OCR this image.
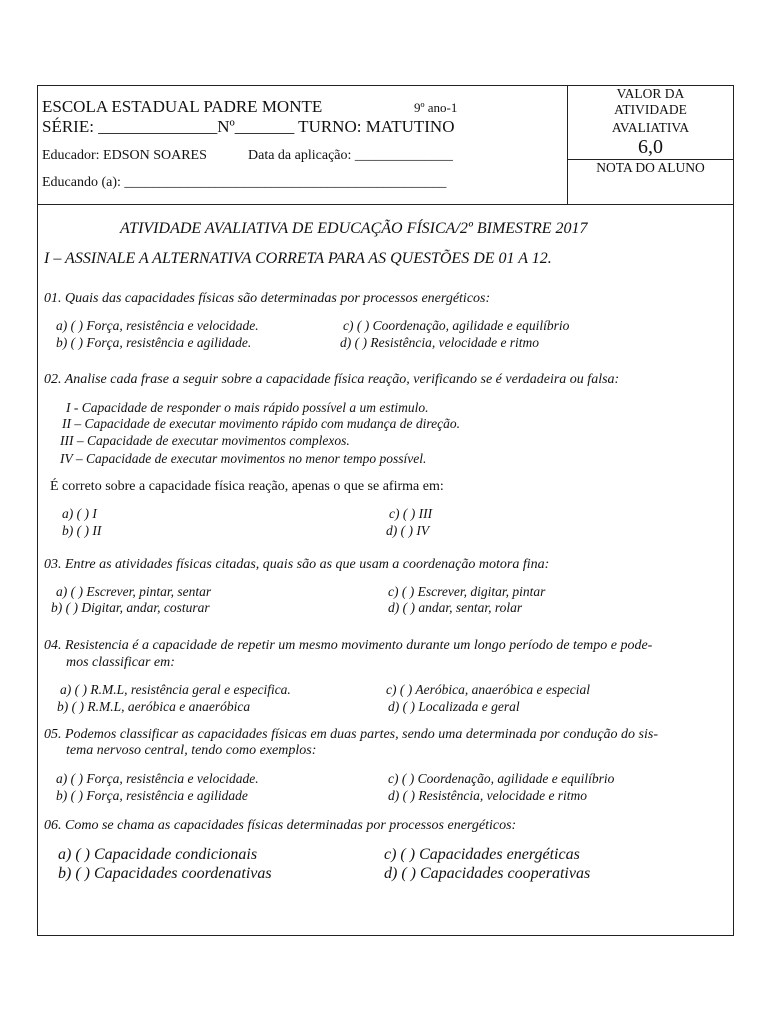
ESCOLA ESTADUAL PADRE MONTE	9º ano-1
SÉRIE: ______________Nº_______ TURNO: MATUTINO
Educador: EDSON SOARES	Data da aplicação: ______________
Educando (a): ______________________________________________
VALOR DA
ATIVIDADE
AVALIATIVA
6,0
NOTA DO ALUNO
ATIVIDADE AVALIATIVA DE EDUCAÇÃO FÍSICA/2º BIMESTRE 2017
I – ASSINALE A ALTERNATIVA CORRETA PARA AS QUESTÕES DE 01 A 12.
01. Quais das capacidades físicas são determinadas por processos energéticos:
a) ( ) Força, resistência e velocidade.	c) ( ) Coordenação, agilidade e equilíbrio
b) ( ) Força, resistência e agilidade.	d) ( ) Resistência, velocidade e ritmo
02. Analise cada frase a seguir sobre a capacidade física reação, verificando se é verdadeira ou falsa:
I - Capacidade de responder o mais rápido possível a um estimulo.
II – Capacidade de executar movimento rápido com mudança de direção.
III – Capacidade de executar movimentos complexos.
IV – Capacidade de executar movimentos no menor tempo possível.
É correto sobre a capacidade física reação, apenas o que se afirma em:
a) ( ) I	c) ( ) III
b) ( ) II	d) ( ) IV
03. Entre as atividades físicas citadas, quais são as que usam a coordenação motora fina:
a) ( ) Escrever, pintar, sentar	c) ( ) Escrever, digitar, pintar
b) ( ) Digitar, andar, costurar	d) ( ) andar, sentar, rolar
04. Resistencia é a capacidade de repetir um mesmo movimento durante um longo período de tempo e pode-
mos classificar em:
a) ( ) R.M.L, resistência geral e especifica.	c) ( ) Aeróbica, anaeróbica e especial
b) ( ) R.M.L, aeróbica e anaeróbica	d) ( ) Localizada e geral
05. Podemos classificar as capacidades físicas em duas partes, sendo uma determinada por condução do sis-
tema nervoso central, tendo como exemplos:
a) ( ) Força, resistência e velocidade.	c) ( ) Coordenação, agilidade e equilíbrio
b) ( ) Força, resistência e agilidade	d) ( ) Resistência, velocidade e ritmo
06. Como se chama as capacidades físicas determinadas por processos energéticos:
a) ( ) Capacidade condicionais	c) ( ) Capacidades energéticas
b) ( ) Capacidades coordenativas	d) ( ) Capacidades cooperativas
